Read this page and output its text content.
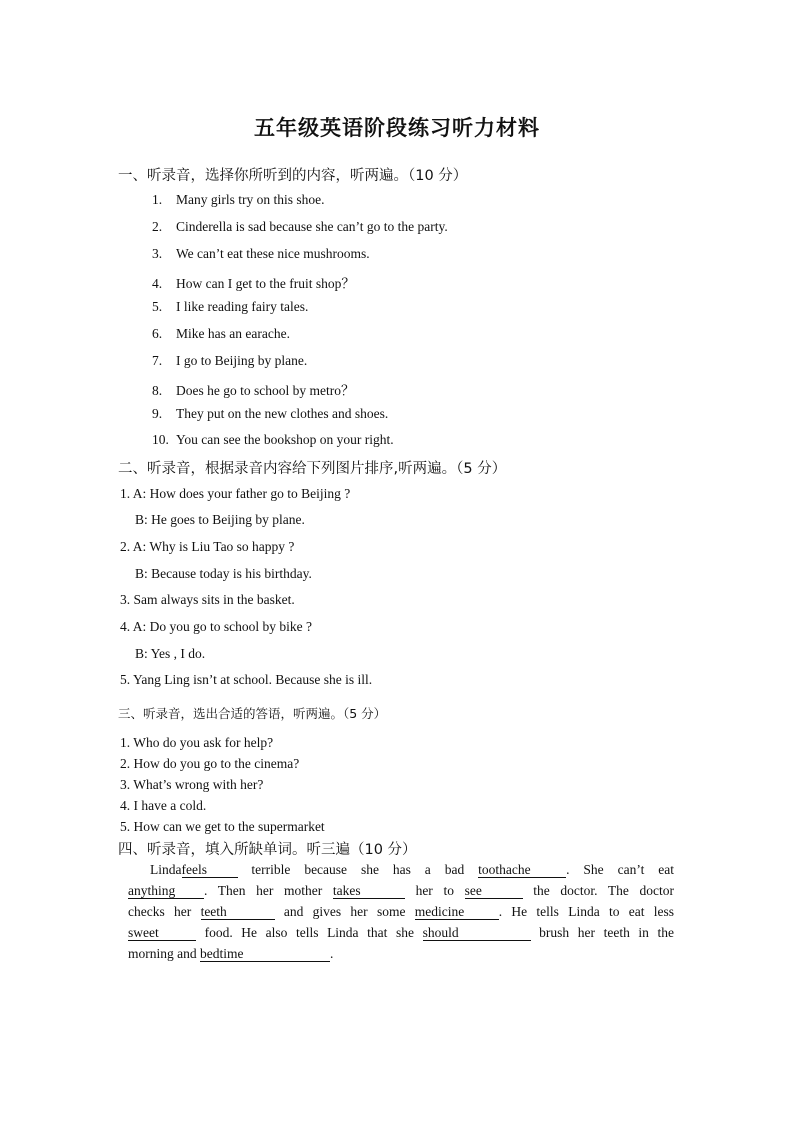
五年级英语阶段练习听力材料
一、听录音，选择你所听到的内容，听两遍。（10 分）
1. Many girls try on this shoe.
2. Cinderella is sad because she can’t go to the party.
3. We can’t eat these nice mushrooms.
4. How can I get to the fruit shop？
5. I like reading fairy tales.
6. Mike has an earache.
7. I go to Beijing by plane.
8. Does he go to school by metro？
9. They put on the new clothes and shoes.
10. You can see the bookshop on your right.
二、听录音，根据录音内容给下列图片排序,听两遍。（5 分）
1. A: How does your father go to Beijing ?
B: He goes to Beijing by plane.
2. A: Why is Liu Tao so happy ?
B: Because today is his birthday.
3. Sam always sits in the basket.
4. A: Do you go to school by bike ?
B: Yes , I do.
5. Yang Ling isn’t at school. Because she is ill.
三、听录音，选出合适的答语，听两遍。（5 分）
1. Who do you ask for help?
2. How do you go to the cinema?
3. What’s wrong with her?
4. I have a cold.
5. How can we get to the supermarket
四、听录音，填入所缺单词。听三遍（10 分）
Lindafeels	terrible because she has a bad toothache	. She can’t eat
anything . Then her mother takes	her to see	the doctor. The doctor
checks her teeth	and gives her some medicine	. He tells Linda to eat less
sweet	food. He also tells Linda that she should	brush her teeth in the
morning and bedtime	.
